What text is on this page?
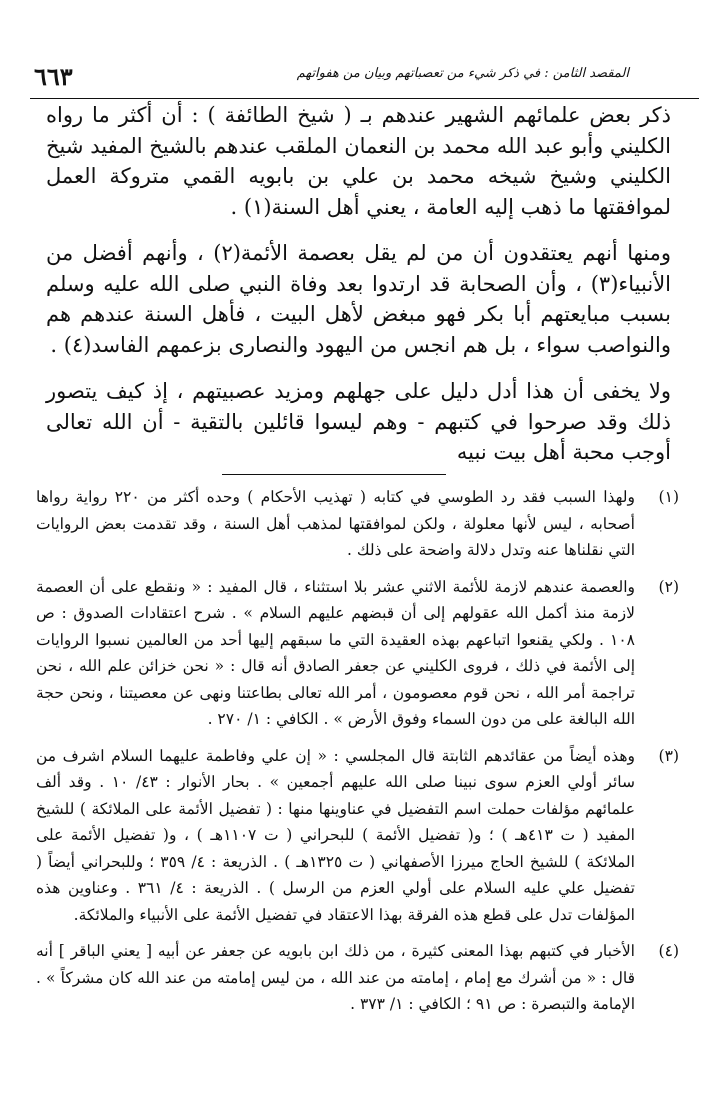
المقصد الثامن : في ذكر شيء من تعصباتهم وبيان من هفواتهم
٦٦٣

ذكر بعض علمائهم الشهير عندهم بـ ( شيخ الطائفة ) : أن أكثر ما رواه الكليني وأبو عبد الله محمد بن النعمان الملقب عندهم بالشيخ المفيد شيخ الكليني وشيخ شيخه محمد بن علي بن بابويه القمي متروكة العمل لموافقتها ما ذهب إليه العامة ، يعني أهل السنة(١) .

ومنها أنهم يعتقدون أن من لم يقل بعصمة الأئمة(٢) ، وأنهم أفضل من الأنبياء(٣) ، وأن الصحابة قد ارتدوا بعد وفاة النبي صلى الله عليه وسلم بسبب مبايعتهم أبا بكر فهو مبغض لأهل البيت ، فأهل السنة عندهم هم والنواصب سواء ، بل هم انجس من اليهود والنصارى بزعمهم الفاسد(٤) .

ولا يخفى أن هذا أدل دليل على جهلهم ومزيد عصبيتهم ، إذ كيف يتصور ذلك وقد صرحوا في كتبهم - وهم ليسوا قائلين بالتقية - أن الله تعالى أوجب محبة أهل بيت نبيه

(١)
ولهذا السبب فقد رد الطوسي في كتابه ( تهذيب الأحكام ) وحده أكثر من ٢٢٠ رواية رواها أصحابه ، ليس لأنها معلولة ، ولكن لموافقتها لمذهب أهل السنة ، وقد تقدمت بعض الروايات التي نقلناها عنه وتدل دلالة واضحة على ذلك .
(٢)
والعصمة عندهم لازمة للأئمة الاثني عشر بلا استثناء ، قال المفيد : « ونقطع على أن العصمة لازمة منذ أكمل الله عقولهم إلى أن قبضهم عليهم السلام » . شرح اعتقادات الصدوق : ص ١٠٨ . ولكي يقنعوا اتباعهم بهذه العقيدة التي ما سبقهم إليها أحد من العالمين نسبوا الروايات إلى الأئمة في ذلك ، فروى الكليني عن جعفر الصادق أنه قال : « نحن خزائن علم الله ، نحن تراجمة أمر الله ، نحن قوم معصومون ، أمر الله تعالى بطاعتنا ونهى عن معصيتنا ، ونحن حجة الله البالغة على من دون السماء وفوق الأرض » . الكافي : ١/ ٢٧٠ .
(٣)
وهذه أيضاً من عقائدهم الثابتة قال المجلسي : « إن علي وفاطمة عليهما السلام اشرف من سائر أولي العزم سوى نبينا صلى الله عليهم أجمعين » . بحار الأنوار : ٤٣/ ١٠ . وقد ألف علمائهم مؤلفات حملت اسم التفضيل في عناوينها منها : ( تفضيل الأئمة على الملائكة ) للشيخ المفيد ( ت ٤١٣هـ ) ؛ و( تفضيل الأئمة ) للبحراني ( ت ١١٠٧هـ ) ، و( تفضيل الأئمة على الملائكة ) للشيخ الحاج ميرزا الأصفهاني ( ت ١٣٢٥هـ ) . الذريعة : ٤/ ٣٥٩ ؛ وللبحراني أيضاً ( تفضيل علي عليه السلام على أولي العزم من الرسل ) . الذريعة : ٤/ ٣٦١ . وعناوين هذه المؤلفات تدل على قطع هذه الفرقة بهذا الاعتقاد في تفضيل الأئمة على الأنبياء والملائكة.
(٤)
الأخبار في كتبهم بهذا المعنى كثيرة ، من ذلك ابن بابويه عن جعفر عن أبيه [ يعني الباقر ] أنه قال : « من أشرك مع إمام ، إمامته من عند الله ، من ليس إمامته من عند الله كان مشركاً » . الإمامة والتبصرة : ص ٩١ ؛ الكافي : ١/ ٣٧٣ .
